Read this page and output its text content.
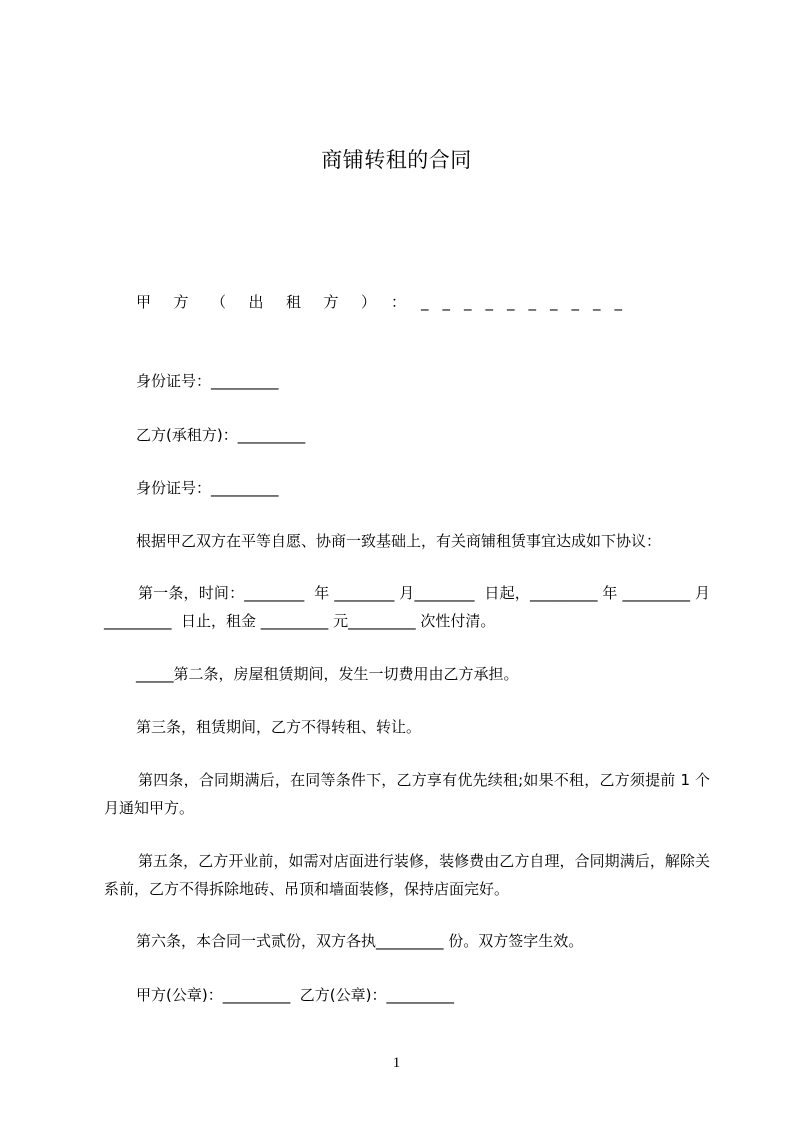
商铺转租的合同
甲方（出租方）：
__________
身份证号：_________
乙方(承租方)：_________
身份证号：_________
根据甲乙双方在平等自愿、协商一致基础上，有关商铺租赁事宜达成如下协议：
第一条，时间：________  年 ________ 月________  日起，_________ 年 _________ 月_________  日止，租金 _________ 元_________ 次性付清。
_____第二条，房屋租赁期间，发生一切费用由乙方承担。
第三条，租赁期间，乙方不得转租、转让。
第四条，合同期满后，在同等条件下，乙方享有优先续租;如果不租，乙方须提前 1 个月通知甲方。
第五条，乙方开业前，如需对店面进行装修，装修费由乙方自理，合同期满后，解除关系前，乙方不得拆除地砖、吊顶和墙面装修，保持店面完好。
第六条，本合同一式贰份，双方各执_________ 份。双方签字生效。
甲方(公章)：_________  乙方(公章)：_________
1
